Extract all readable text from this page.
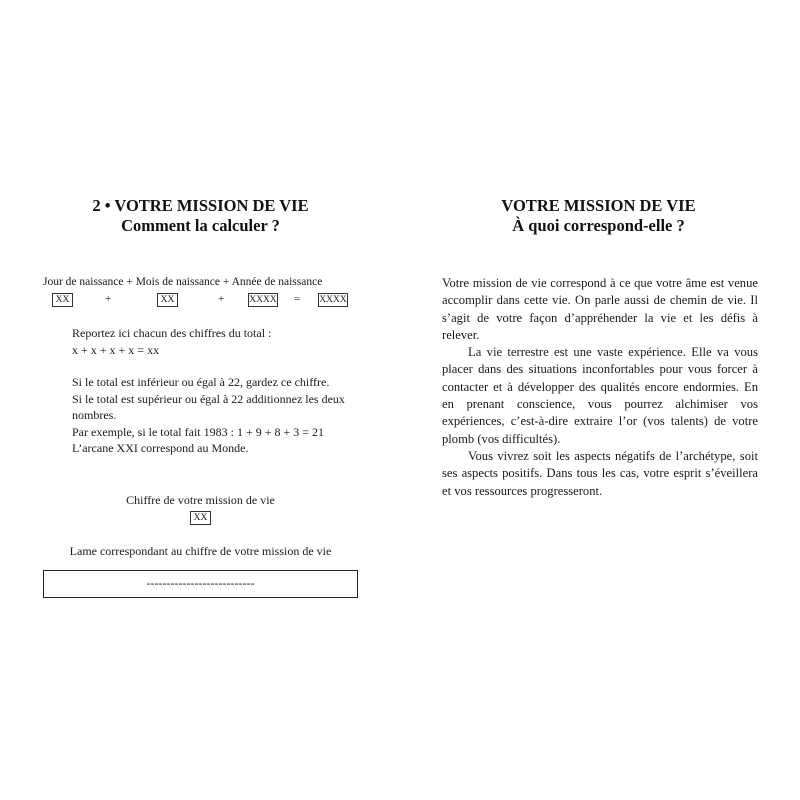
2 • VOTRE MISSION DE VIE
Comment la calculer ?
Jour de naissance + Mois de naissance + Année de naissance
XX	+	XX	+	XXXX = XXXX

Reportez ici chacun des chiffres du total :

x + x + x + x = xx

Si le total est inférieur ou égal à 22, gardez ce chiffre.

Si le total est supérieur ou égal à 22 additionnez les deux nombres.

Par exemple, si le total fait 1983 : 1 + 9 + 8 + 3 = 21

L’arcane XXI correspond au Monde.

Chiffre de votre mission de vie
XX
Lame correspondant au chiffre de votre mission de vie
---------------------------
VOTRE MISSION DE VIE
À quoi correspond-elle ?

Votre mission de vie correspond à ce que votre âme est venue accomplir dans cette vie. On parle aussi de chemin de vie. Il s’agit de votre façon d’appréhender la vie et les défis à relever.

La vie terrestre est une vaste expérience. Elle va vous placer dans des situations inconfortables pour vous forcer à contacter et à développer des qualités encore endormies. En en prenant conscience, vous pourrez alchimiser vos expériences, c’est-à-dire extraire l’or (vos talents) de votre plomb (vos difficultés).

Vous vivrez soit les aspects négatifs de l’archétype, soit ses aspects positifs. Dans tous les cas, votre esprit s’éveillera et vos ressources progresseront.
